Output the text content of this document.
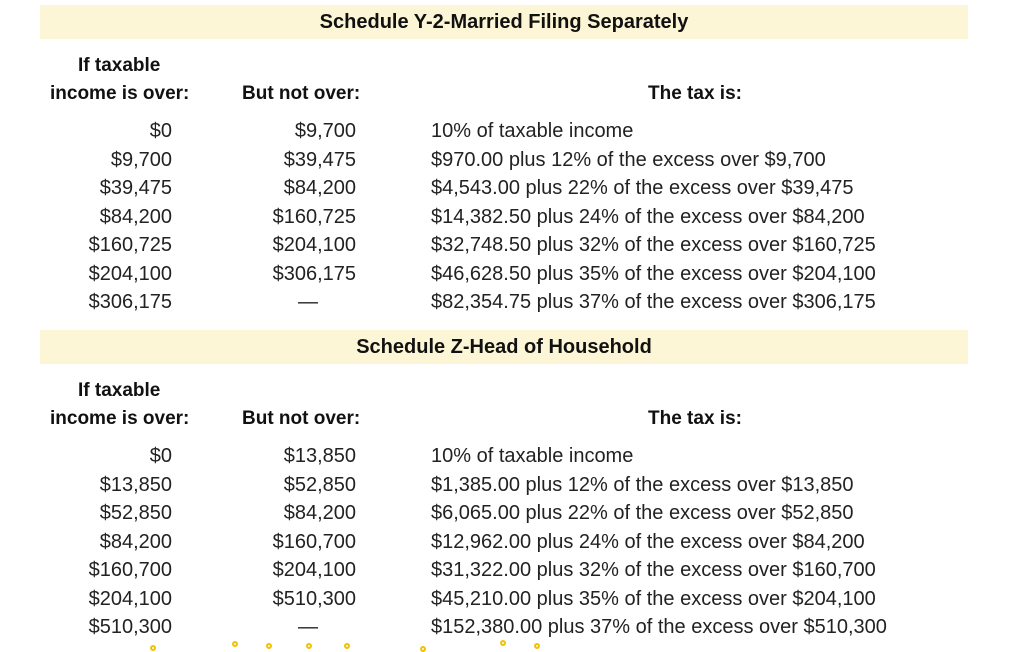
Schedule Y-2-Married Filing Separately
If taxable
income is over:	But not over:	The tax is:
$0	$9,700	10% of taxable income
$9,700	$39,475	$970.00 plus 12% of the excess over $9,700
$39,475	$84,200	$4,543.00 plus 22% of the excess over $39,475
$84,200	$160,725	$14,382.50 plus 24% of the excess over $84,200
$160,725	$204,100	$32,748.50 plus 32% of the excess over $160,725
$204,100	$306,175	$46,628.50 plus 35% of the excess over $204,100
$306,175	—	$82,354.75 plus 37% of the excess over $306,175
Schedule Z-Head of Household
If taxable
income is over:	But not over:	The tax is:
$0	$13,850	10% of taxable income
$13,850	$52,850	$1,385.00 plus 12% of the excess over $13,850
$52,850	$84,200	$6,065.00 plus 22% of the excess over $52,850
$84,200	$160,700	$12,962.00 plus 24% of the excess over $84,200
$160,700	$204,100	$31,322.00 plus 32% of the excess over $160,700
$204,100	$510,300	$45,210.00 plus 35% of the excess over $204,100
$510,300	—	$152,380.00 plus 37% of the excess over $510,300
